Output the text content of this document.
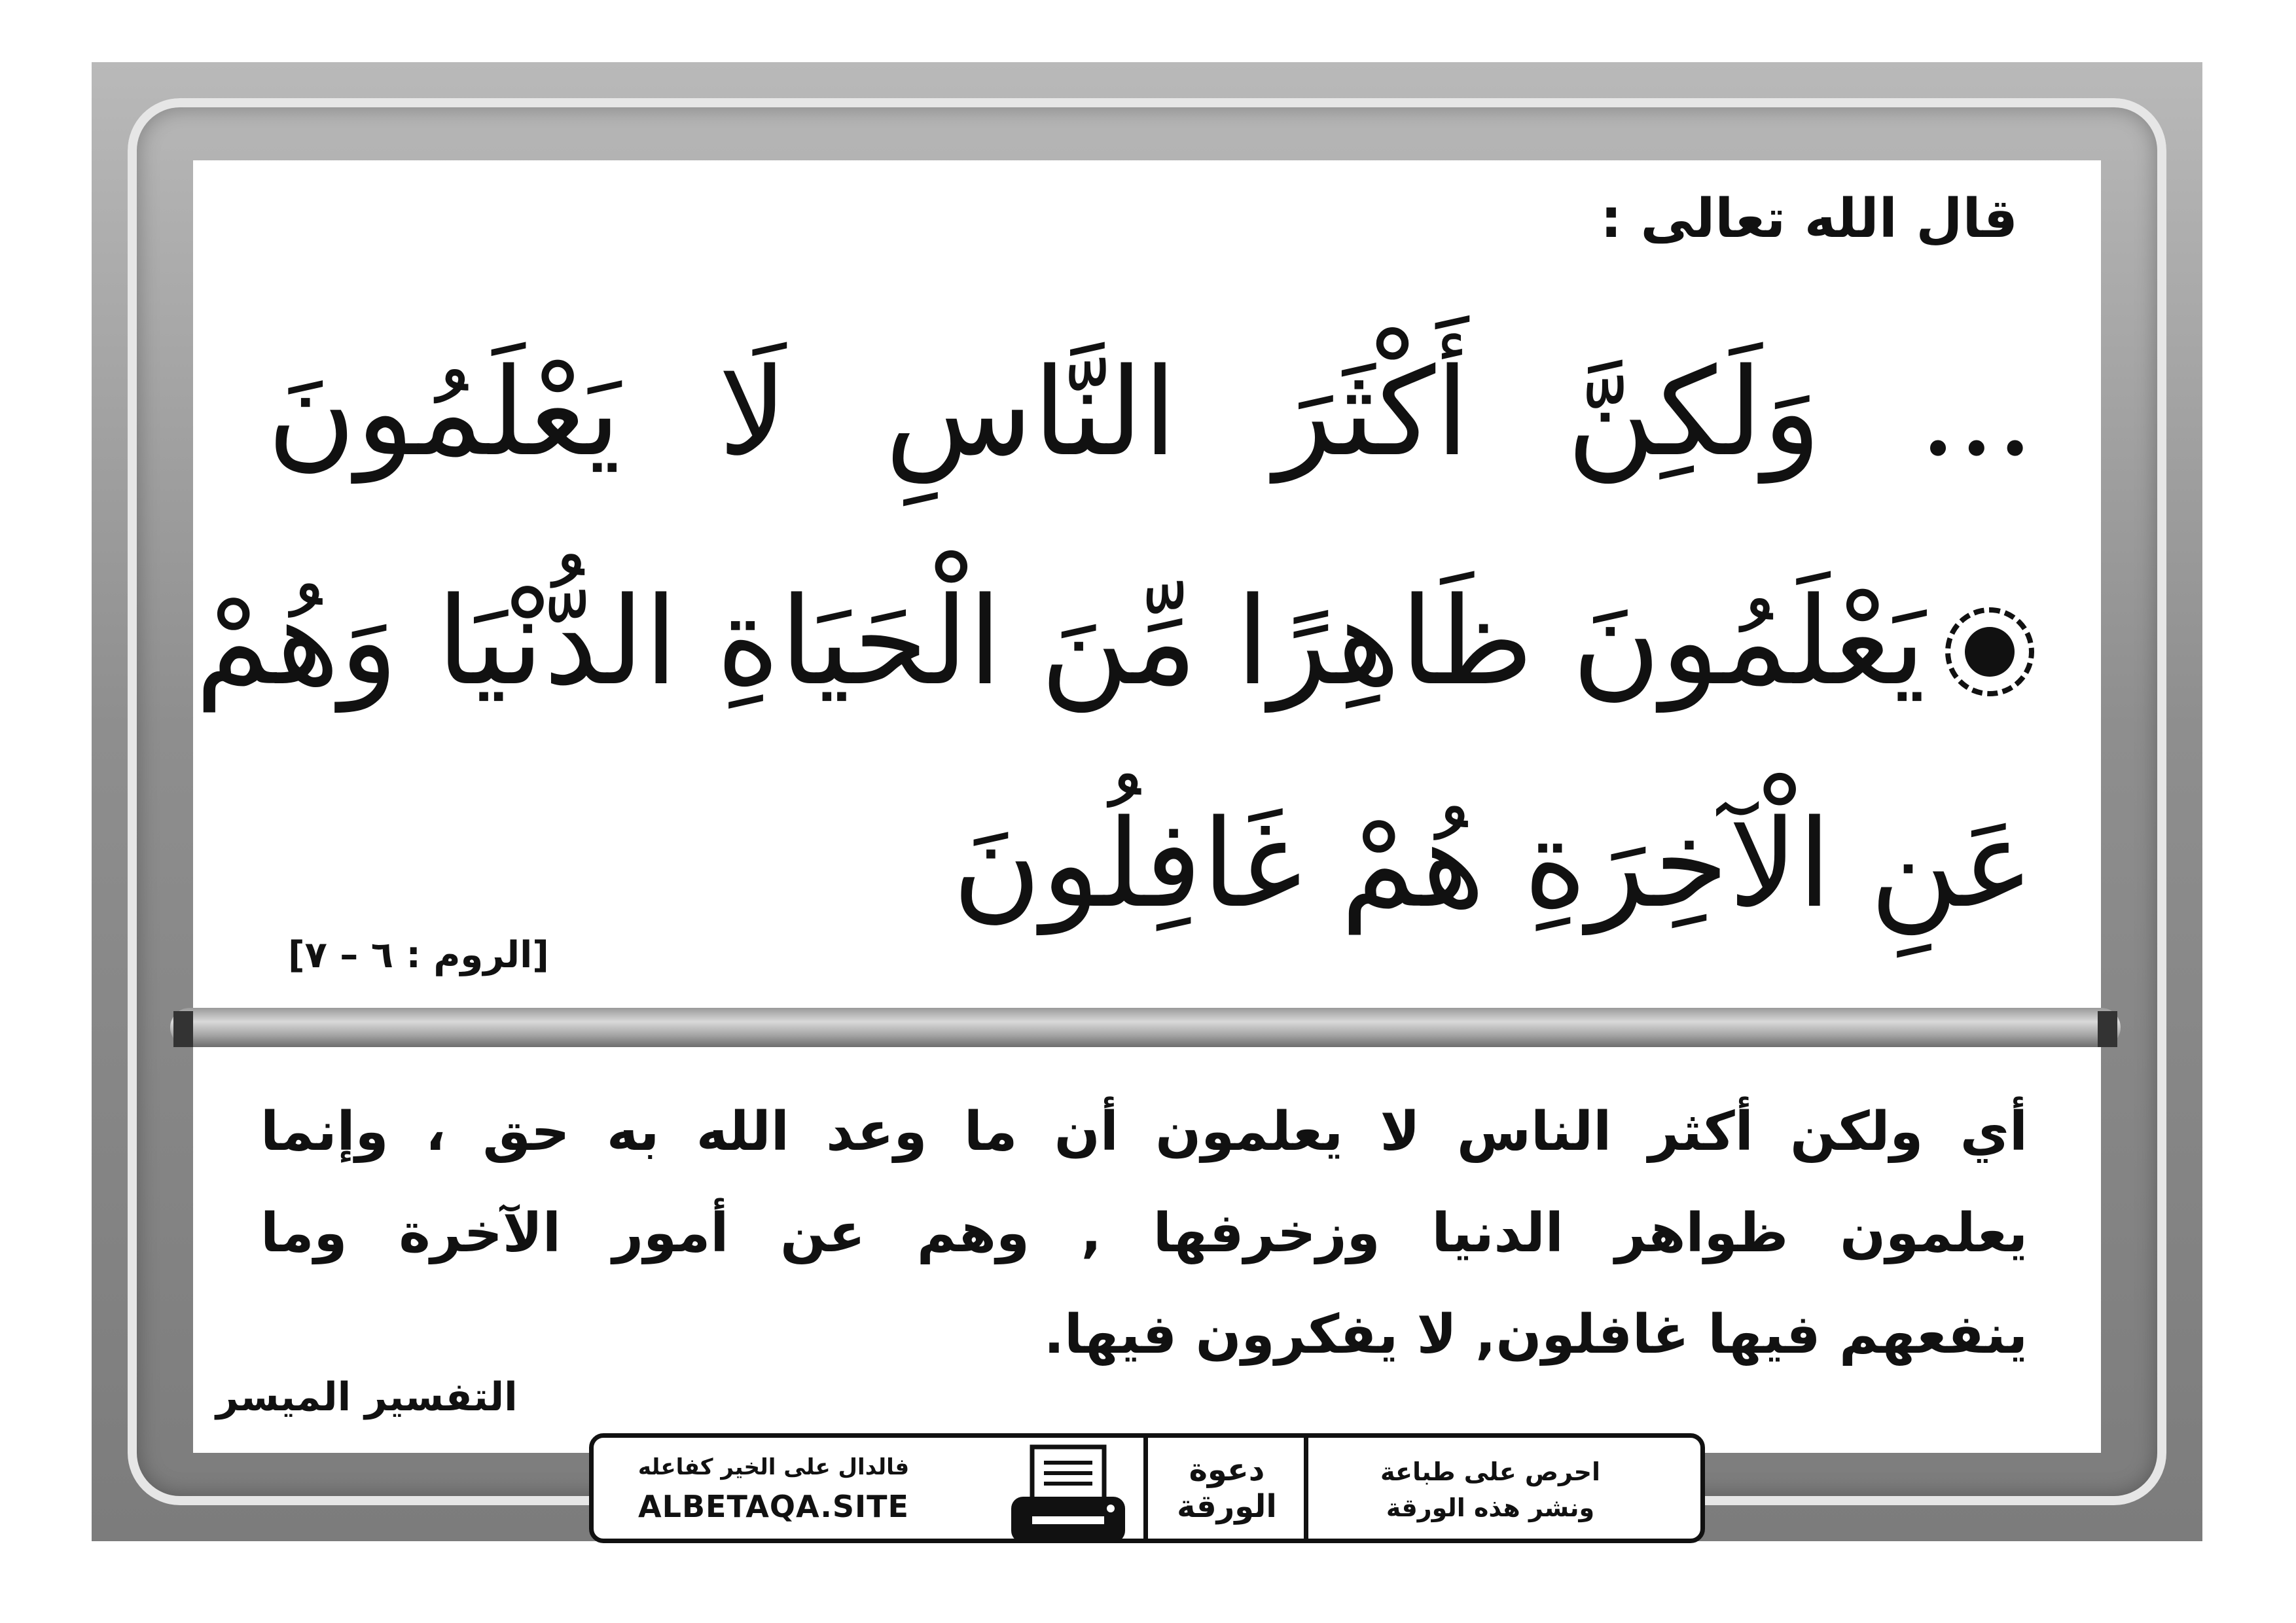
قال الله تعالى :
... وَلَكِنَّ أَكْثَرَ النَّاسِ لَا يَعْلَمُونَ
يَعْلَمُونَ ظَاهِرًا مِّنَ الْحَيَاةِ الدُّنْيَا وَهُمْ
عَنِ الْآخِرَةِ هُمْ غَافِلُونَ
[الروم : ٦ – ٧]
أي ولكن أكثر الناس لا يعلمون أن ما وعد الله به حق ، وإنما
يعلمون ظواهر الدنيا وزخرفها , وهم عن أمور الآخرة وما
ينفعهم فيها غافلون, لا يفكرون فيها.
التفسير الميسر
فالدال على الخير كفاعله
ALBETAQA.SITE
دعوة
الورقة
احرص على طباعة
ونشر هذه الورقة
